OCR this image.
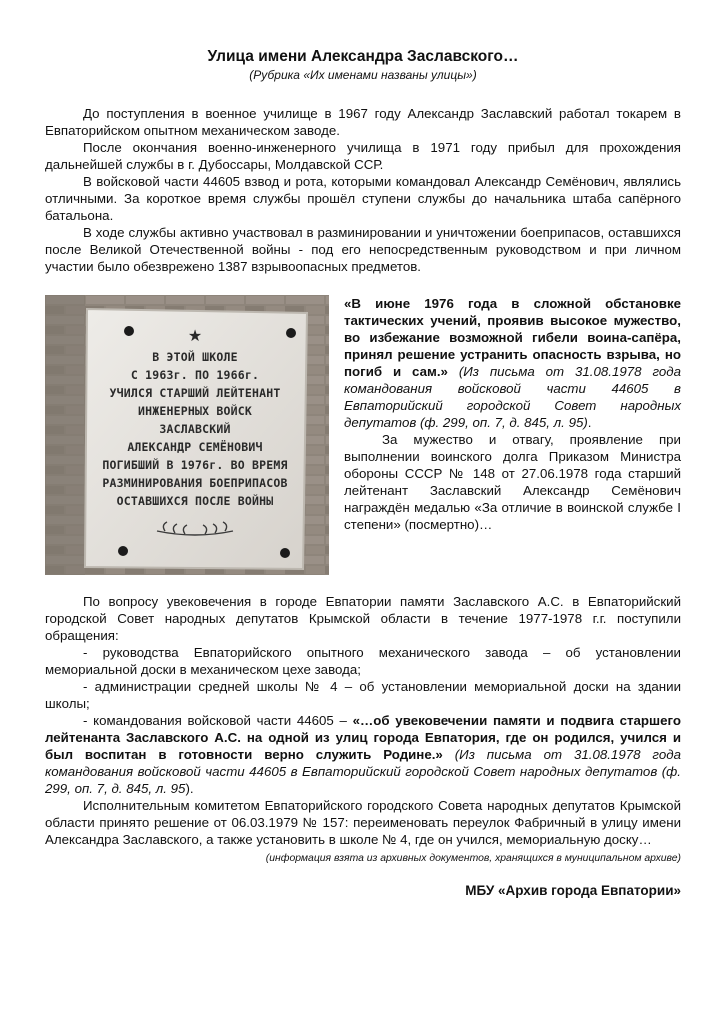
Улица имени Александра Заславского…

(Рубрика «Их именами названы улицы»)

До поступления в военное училище в 1967 году Александр Заславский работал токарем в Евпаторийском опытном механическом заводе.

После окончания военно-инженерного училища в 1971 году прибыл для прохождения дальнейшей службы в г. Дубоссары, Молдавской ССР.

В войсковой части 44605 взвод и рота, которыми командовал Александр Семёнович, являлись отличными. За короткое время службы прошёл ступени службы до начальника штаба сапёрного батальона.

В ходе службы активно участвовал в разминировании и уничтожении боеприпасов, оставшихся после Великой Отечественной войны - под его непосредственным руководством и при личном участии было обезврежено 1387 взрывоопасных предметов.

★
В ЭТОЙ ШКОЛЕ
С 1963г. ПО 1966г.
УЧИЛСЯ СТАРШИЙ ЛЕЙТЕНАНТ
ИНЖЕНЕРНЫХ ВОЙСК
ЗАСЛАВСКИЙ
АЛЕКСАНДР СЕМЁНОВИЧ
ПОГИБШИЙ В 1976г. ВО ВРЕМЯ
РАЗМИНИРОВАНИЯ БОЕПРИПАСОВ
ОСТАВШИХСЯ ПОСЛЕ ВОЙНЫ

«В июне 1976 года в сложной обстановке тактических учений, проявив высокое мужество, во избежание возможной гибели воина-сапёра, принял решение устранить опасность взрыва, но погиб и сам.» (Из письма от 31.08.1978 года командования войсковой части 44605 в Евпаторийский городской Совет народных депутатов (ф. 299, оп. 7, д. 845, л. 95).

За мужество и отвагу, проявление при выполнении воинского долга Приказом Министра обороны СССР № 148 от 27.06.1978 года старший лейтенант Заславский Александр Семёнович награждён медалью «За отличие в воинской службе I степени» (посмертно)…

По вопросу увековечения в городе Евпатории памяти Заславского А.С. в Евпаторийский городской Совет народных депутатов Крымской области в течение 1977-1978 г.г. поступили обращения:

- руководства Евпаторийского опытного механического завода – об установлении мемориальной доски в механическом цехе завода;

- администрации средней школы № 4 – об установлении мемориальной доски на здании школы;

- командования войсковой части 44605 – «…об увековечении памяти и подвига старшего лейтенанта Заславского А.С. на одной из улиц города Евпатория, где он родился, учился и был воспитан в готовности верно служить Родине.» (Из письма от 31.08.1978 года командования войсковой части 44605 в Евпаторийский городской Совет народных депутатов (ф. 299, оп. 7, д. 845, л. 95).

Исполнительным комитетом Евпаторийского городского Совета народных депутатов Крымской области принято решение от 06.03.1979 № 157: переименовать переулок Фабричный в улицу имени Александра Заславского, а также установить в школе № 4, где он учился, мемориальную доску…

(информация взята из архивных документов, хранящихся в муниципальном архиве)

МБУ «Архив города Евпатории»
